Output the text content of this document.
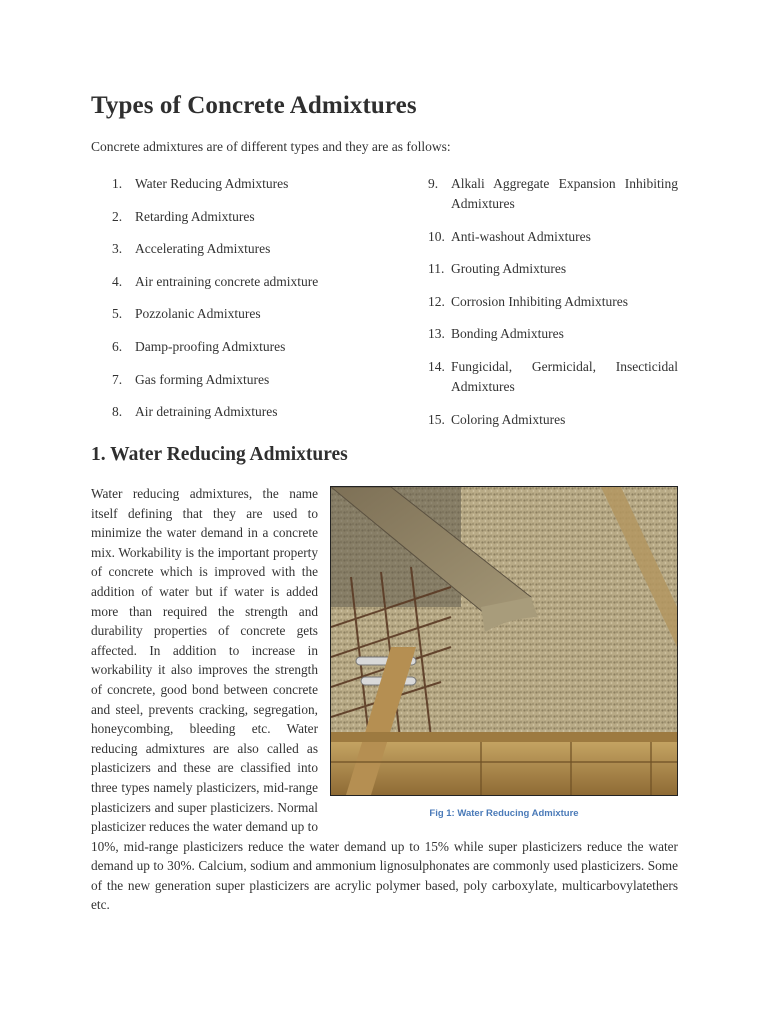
Types of Concrete Admixtures

Concrete admixtures are of different types and they are as follows:

1. Water Reducing Admixtures
2. Retarding Admixtures
3. Accelerating Admixtures
4. Air entraining concrete admixture
5. Pozzolanic Admixtures
6. Damp-proofing Admixtures
7. Gas forming Admixtures
8. Air detraining Admixtures
9. Alkali Aggregate Expansion Inhibiting Admixtures
10. Anti-washout Admixtures
11. Grouting Admixtures
12. Corrosion Inhibiting Admixtures
13. Bonding Admixtures
14. Fungicidal, Germicidal, Insecticidal Admixtures
15. Coloring Admixtures
1. Water Reducing Admixtures
Fig 1: Water Reducing Admixture
Water reducing admixtures, the name itself defining that they are used to minimize the water demand in a concrete mix. Workability is the important property of concrete which is improved with the addition of water but if water is added more than required the strength and durability properties of concrete gets affected. In addition to increase in workability it also improves the strength of concrete, good bond between concrete and steel, prevents cracking, segregation, honeycombing, bleeding etc. Water reducing admixtures are also called as plasticizers and these are classified into three types namely plasticizers, mid-range plasticizers and super plasticizers. Normal plasticizer reduces the water demand up to 10%, mid-range plasticizers reduce the water demand up to 15% while super plasticizers reduce the water demand up to 30%. Calcium, sodium and ammonium lignosulphonates are commonly used plasticizers. Some of the new generation super plasticizers are acrylic polymer based, poly carboxylate, multicarbovylatethers etc.
